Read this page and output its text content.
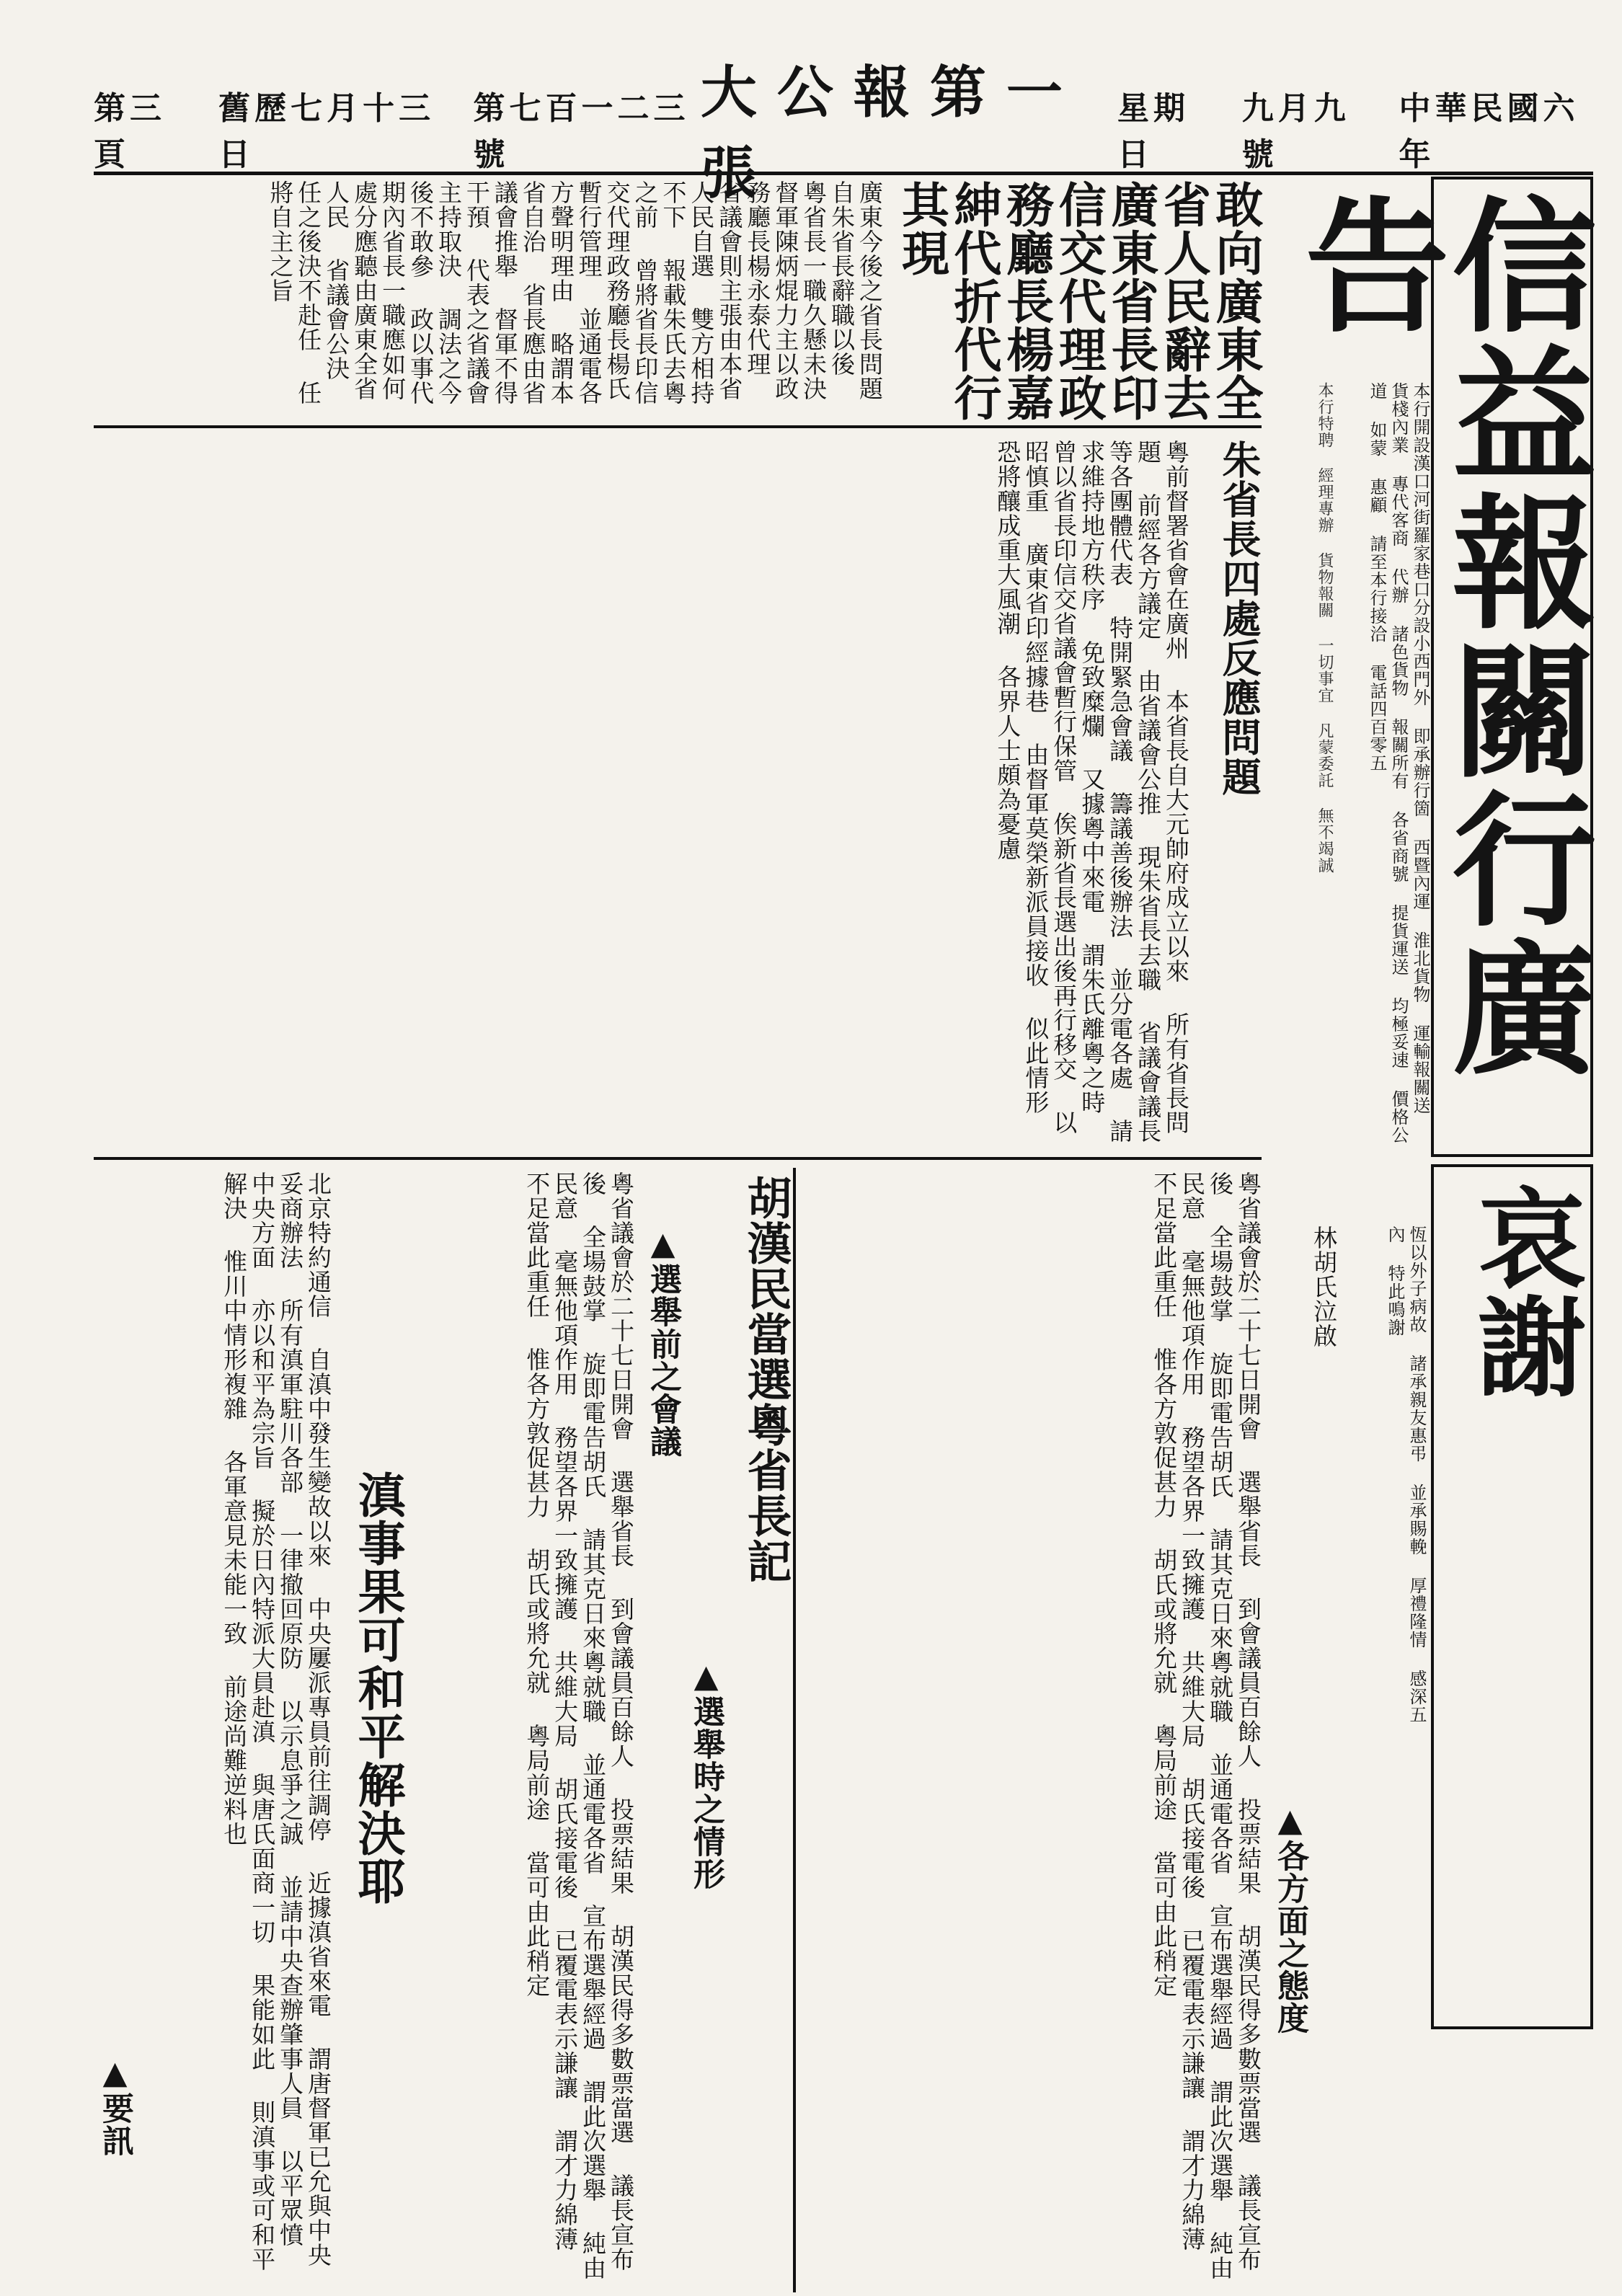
中華民國六年
九月九號
星期日
大公報第一張
第七百一二三號
舊歷七月十三日
第三頁
信益報關行廣告
本行開設漢口河街羅家巷口分設小西門外 即承辦行箇 西暨內運 淮北貨物 運輸報關送 貨棧內業 專代客商 代辦 諸色貨物 報關所有 各省商號 提貨運送 均極妥速 價格公道 如蒙 惠顧 請至本行接洽 電話四百零五
本行特聘 經理專辦 貨物報關 一切事宜 凡蒙委託 無不竭誠
哀謝
恆以外子病故 諸承親友惠弔 並承賜輓 厚禮隆情 感深五內 特此鳴謝
林胡氏泣啟
敢向廣東全省人民辭去廣東省長印信交代理政務廳長楊嘉紳代折代行其現
廣東今後之省長問題 自朱省長辭職以後 粵省長一職久懸未決 督軍陳炳焜力主以政務廳長楊永泰代理 省議會則主張由本省人民自選 雙方相持不下 報載朱氏去粵之前 曾將省長印信交代理政務廳長楊氏暫行管理 並通電各方聲明理由 略謂本省自治 省長應由省議會推舉 督軍不得干預 代表之省議會主持取決 調法之今後不敢參 政以事代 期內省長一職應如何處分應聽由廣東全省人民 省議會公決 任之後決不赴任 任將自主之旨
朱省長四處反應問題
粵前督署省會在廣州 本省長自大元帥府成立以來 所有省長問題 前經各方議定 由省議會公推 現朱省長去職 省議會議長等各團體代表 特開緊急會議 籌議善後辦法 並分電各處 請求維持地方秩序 免致糜爛 又據粵中來電 謂朱氏離粵之時 曾以省長印信交省議會暫行保管 俟新省長選出後再行移交 以昭慎重 廣東省印經據巷 由督軍莫榮新派員接收 似此情形 恐將釀成重大風潮 各界人士頗為憂慮
胡漢民當選粵省長記	粵省議會於二十七日開會 選舉省長 到會議員百餘人 投票結果 胡漢民得多數票當選 議長宣布後 全場鼓掌 旋即電告胡氏 請其克日來粵就職 並通電各省 宣布選舉經過 謂此次選舉 純由民意 毫無他項作用 務望各界一致擁護 共維大局 胡氏接電後 已覆電表示謙讓 謂才力綿薄 不足當此重任 惟各方敦促甚力 胡氏或將允就 粵局前途 當可由此稍定
▲選舉時之情形
▲選舉前之會議
滇事果可和平解決耶
北京特約通信 自滇中發生變故以來 中央屢派專員前往調停 近據滇省來電 謂唐督軍已允與中央妥商辦法 所有滇軍駐川各部 一律撤回原防 以示息爭之誠 並請中央查辦肇事人員 以平眾憤 中央方面 亦以和平為宗旨 擬於日內特派大員赴滇 與唐氏面商一切 果能如此 則滇事或可和平解決 惟川中情形複雜 各軍意見未能一致 前途尚難逆料也	粵省議會於二十七日開會 選舉省長 到會議員百餘人 投票結果 胡漢民得多數票當選 議長宣布後 全場鼓掌 旋即電告胡氏 請其克日來粵就職 並通電各省 宣布選舉經過 謂此次選舉 純由民意 毫無他項作用 務望各界一致擁護 共維大局 胡氏接電後 已覆電表示謙讓 謂才力綿薄 不足當此重任 惟各方敦促甚力 胡氏或將允就 粵局前途 當可由此稍定
▲要訊
▲各方面之態度
